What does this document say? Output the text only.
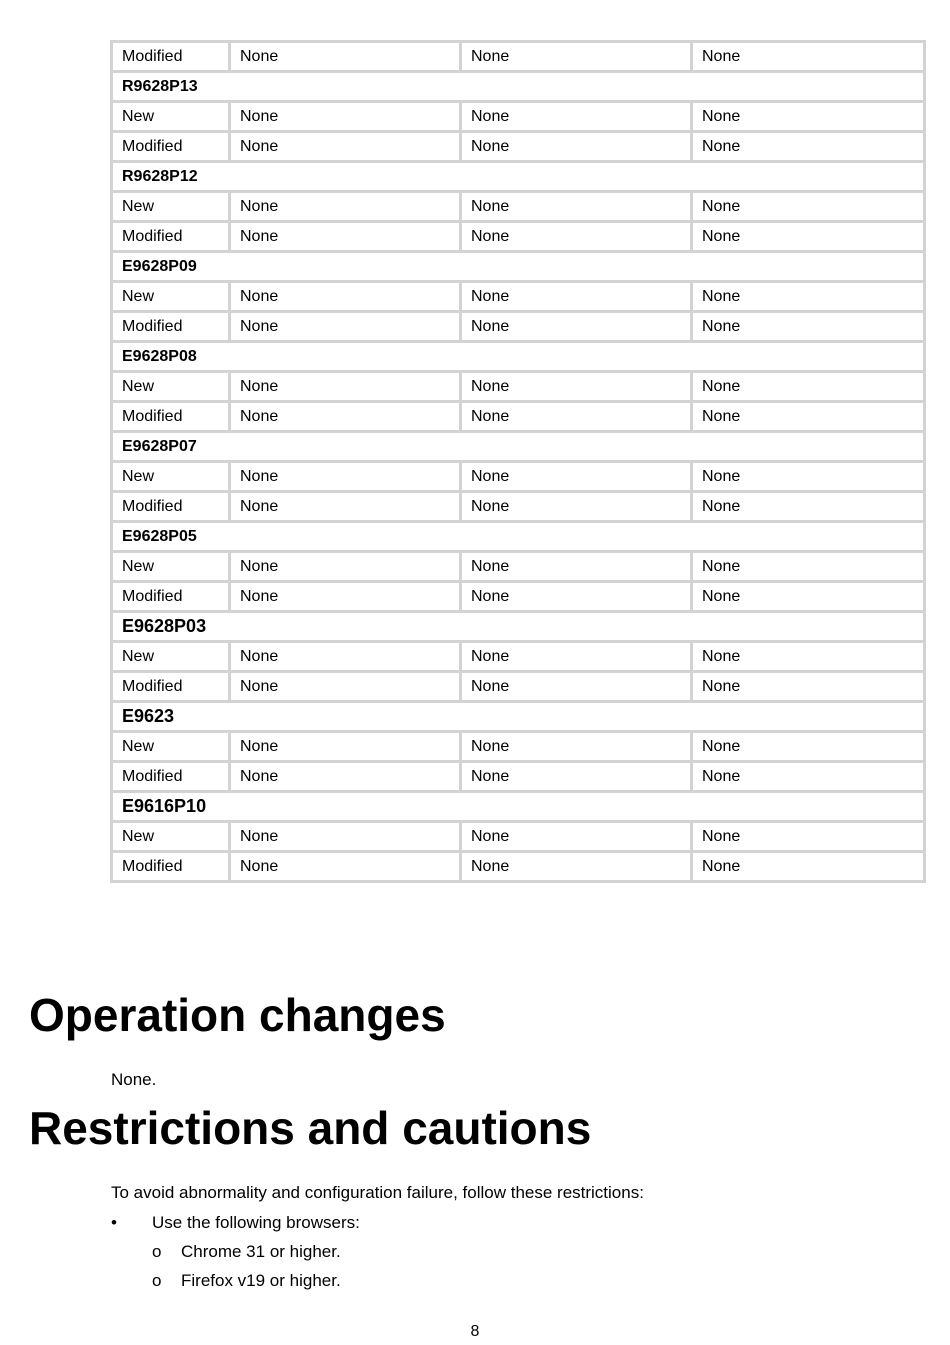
Modified	None	None	None
R9628P13			
New	None	None	None
Modified	None	None	None
R9628P12			
New	None	None	None
Modified	None	None	None
E9628P09			
New	None	None	None
Modified	None	None	None
E9628P08			
New	None	None	None
Modified	None	None	None
E9628P07			
New	None	None	None
Modified	None	None	None
E9628P05			
New	None	None	None
Modified	None	None	None
E9628P03			
New	None	None	None
Modified	None	None	None
E9623			
New	None	None	None
Modified	None	None	None
E9616P10			
New	None	None	None
Modified	None	None	None
Operation changes

None.

Restrictions and cautions

To avoid abnormality and configuration failure, follow these restrictions:

• Use the following browsers:
o Chrome 31 or higher.
o Firefox v19 or higher.
8
